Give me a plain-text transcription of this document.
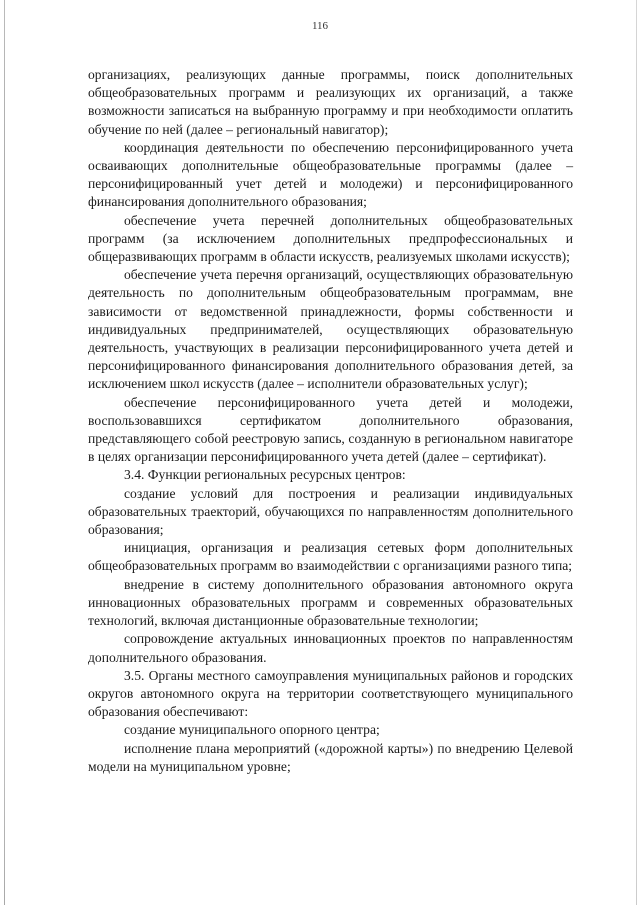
116

организациях, реализующих данные программы, поиск дополнительных общеобразовательных программ и реализующих их организаций, а также возможности записаться на выбранную программу и при необходимости оплатить обучение по ней (далее – региональный навигатор);

координация деятельности по обеспечению персонифицированного учета осваивающих дополнительные общеобразовательные программы (далее – персонифицированный учет детей и молодежи) и персонифицированного финансирования дополнительного образования;

обеспечение учета перечней дополнительных общеобразовательных программ (за исключением дополнительных предпрофессиональных и общеразвивающих программ в области искусств, реализуемых школами искусств);

обеспечение учета перечня организаций, осуществляющих образовательную деятельность по дополнительным общеобразовательным программам, вне зависимости от ведомственной принадлежности, формы собственности и индивидуальных предпринимателей, осуществляющих образовательную деятельность, участвующих в реализации персонифицированного учета детей и персонифицированного финансирования дополнительного образования детей, за исключением школ искусств (далее – исполнители образовательных услуг);

обеспечение персонифицированного учета детей и молодежи, воспользовавшихся сертификатом дополнительного образования, представляющего собой реестровую запись, созданную в региональном навигаторе в целях организации персонифицированного учета детей (далее – сертификат).

3.4. Функции региональных ресурсных центров:

создание условий для построения и реализации индивидуальных образовательных траекторий, обучающихся по направленностям дополнительного образования;

инициация, организация и реализация сетевых форм дополнительных общеобразовательных программ во взаимодействии с организациями разного типа;

внедрение в систему дополнительного образования автономного округа инновационных образовательных программ и современных образовательных технологий, включая дистанционные образовательные технологии;

сопровождение актуальных инновационных проектов по направленностям дополнительного образования.

3.5. Органы местного самоуправления муниципальных районов и городских округов автономного округа на территории соответствующего муниципального образования обеспечивают:

создание муниципального опорного центра;

исполнение плана мероприятий («дорожной карты») по внедрению Целевой модели на муниципальном уровне;
